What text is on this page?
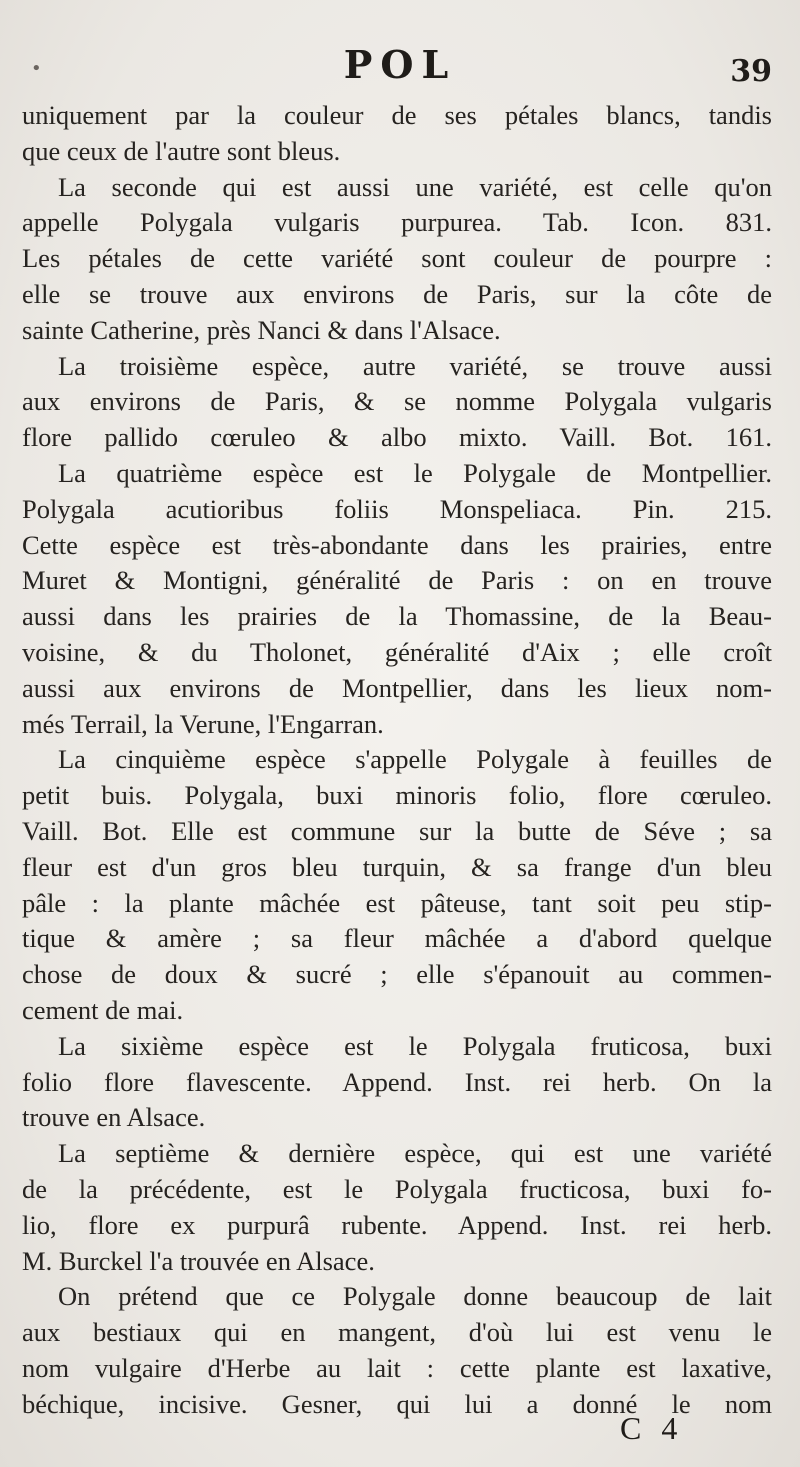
•	POL	39
uniquement par la couleur de ses pétales blancs, tandis
que ceux de l'autre sont bleus.
La seconde qui est aussi une variété, est celle qu'on
appelle Polygala vulgaris purpurea. Tab. Icon. 831.
Les pétales de cette variété sont couleur de pourpre :
elle se trouve aux environs de Paris, sur la côte de
sainte Catherine, près Nanci & dans l'Alsace.
La troisième espèce, autre variété, se trouve aussi
aux environs de Paris, & se nomme Polygala vulgaris
flore pallido cœruleo & albo mixto. Vaill. Bot. 161.
La quatrième espèce est le Polygale de Montpellier.
Polygala acutioribus foliis Monspeliaca. Pin. 215.
Cette espèce est très-abondante dans les prairies, entre
Muret & Montigni, généralité de Paris : on en trouve
aussi dans les prairies de la Thomassine, de la Beau-
voisine, & du Tholonet, généralité d'Aix ; elle croît
aussi aux environs de Montpellier, dans les lieux nom-
més Terrail, la Verune, l'Engarran.
La cinquième espèce s'appelle Polygale à feuilles de
petit buis. Polygala, buxi minoris folio, flore cœruleo.
Vaill. Bot. Elle est commune sur la butte de Séve ; sa
fleur est d'un gros bleu turquin, & sa frange d'un bleu
pâle : la plante mâchée est pâteuse, tant soit peu stip-
tique & amère ; sa fleur mâchée a d'abord quelque
chose de doux & sucré ; elle s'épanouit au commen-
cement de mai.
La sixième espèce est le Polygala fruticosa, buxi
folio flore flavescente. Append. Inst. rei herb. On la
trouve en Alsace.
La septième & dernière espèce, qui est une variété
de la précédente, est le Polygala fructicosa, buxi fo-
lio, flore ex purpurâ rubente. Append. Inst. rei herb.
M. Burckel l'a trouvée en Alsace.
On prétend que ce Polygale donne beaucoup de lait
aux bestiaux qui en mangent, d'où lui est venu le
nom vulgaire d'Herbe au lait : cette plante est laxative,
béchique, incisive. Gesner, qui lui a donné le nom
C 4
